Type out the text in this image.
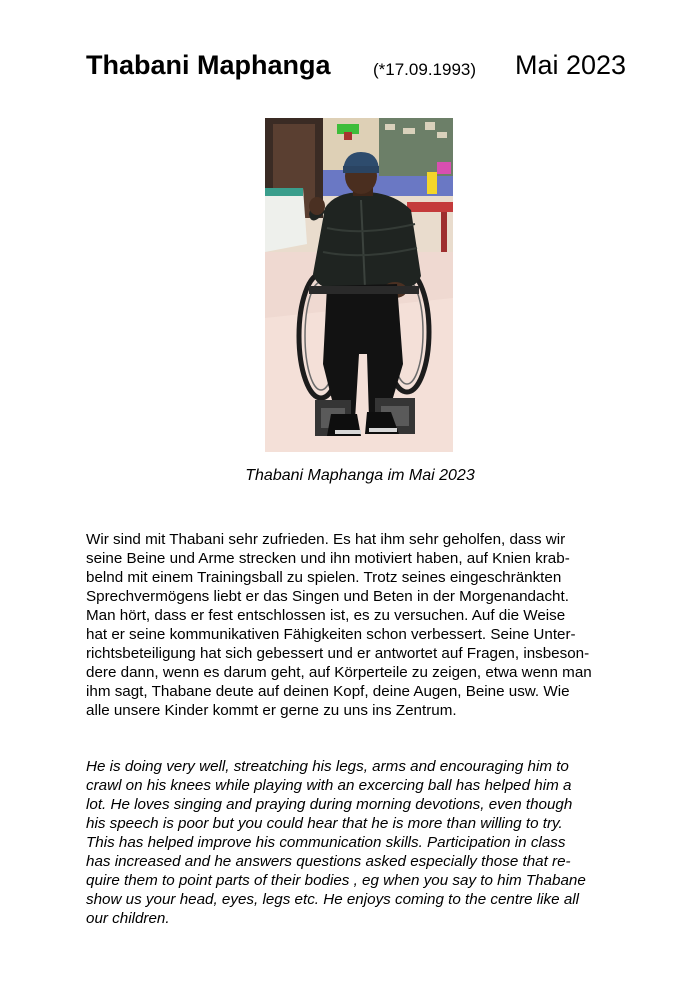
Thabani Maphanga (*17.09.1993) Mai 2023
Thabani Maphanga im Mai 2023

Wir sind mit Thabani sehr zufrieden. Es hat ihm sehr geholfen, dass wir
seine Beine und Arme strecken und ihn motiviert haben, auf Knien krab-
belnd mit einem Trainingsball zu spielen. Trotz seines eingeschränkten
Sprechvermögens liebt er das Singen und Beten in der Morgenandacht.
Man hört, dass er fest entschlossen ist, es zu versuchen. Auf die Weise
hat er seine kommunikativen Fähigkeiten schon verbessert. Seine Unter-
richtsbeteiligung hat sich gebessert und er antwortet auf Fragen, insbeson-
dere dann, wenn es darum geht, auf Körperteile zu zeigen, etwa wenn man
ihm sagt, Thabane deute auf deinen Kopf, deine Augen, Beine usw. Wie
alle unsere Kinder kommt er gerne zu uns ins Zentrum.

He is doing very well, streatching his legs, arms and encouraging him to
crawl on his knees while playing with an excercing ball has helped him a
lot. He loves singing and praying during morning devotions, even though
his speech is poor but you could hear that he is more than willing to try.
This has helped improve his communication skills. Participation in class
has increased and he answers questions asked especially those that re-
quire them to point parts of their bodies , eg when you say to him Thabane
show us your head, eyes, legs etc. He enjoys coming to the centre like all
our children.
